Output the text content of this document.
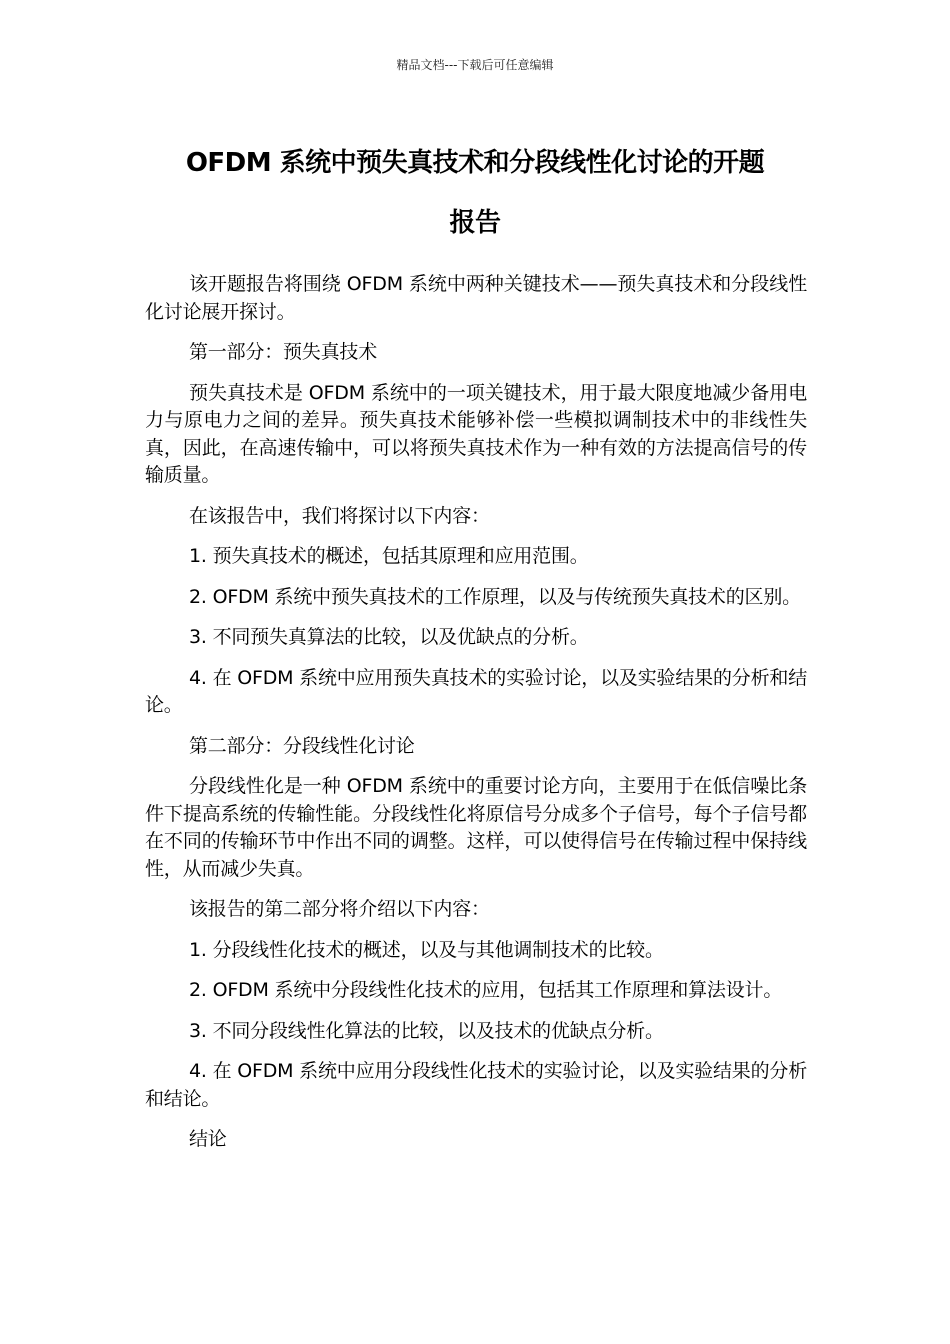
精品文档---下载后可任意编辑
OFDM 系统中预失真技术和分段线性化讨论的开题
报告

该开题报告将围绕 OFDM 系统中两种关键技术——预失真技术和分段线性化讨论展开探讨。

第一部分：预失真技术

预失真技术是 OFDM 系统中的一项关键技术，用于最大限度地减少备用电力与原电力之间的差异。预失真技术能够补偿一些模拟调制技术中的非线性失真，因此，在高速传输中，可以将预失真技术作为一种有效的方法提高信号的传输质量。

在该报告中，我们将探讨以下内容：

1. 预失真技术的概述，包括其原理和应用范围。

2. OFDM 系统中预失真技术的工作原理，以及与传统预失真技术的区别。

3. 不同预失真算法的比较，以及优缺点的分析。

4. 在 OFDM 系统中应用预失真技术的实验讨论，以及实验结果的分析和结论。

第二部分：分段线性化讨论

分段线性化是一种 OFDM 系统中的重要讨论方向，主要用于在低信噪比条件下提高系统的传输性能。分段线性化将原信号分成多个子信号，每个子信号都在不同的传输环节中作出不同的调整。这样，可以使得信号在传输过程中保持线性，从而减少失真。

该报告的第二部分将介绍以下内容：

1. 分段线性化技术的概述，以及与其他调制技术的比较。

2. OFDM 系统中分段线性化技术的应用，包括其工作原理和算法设计。

3. 不同分段线性化算法的比较，以及技术的优缺点分析。

4. 在 OFDM 系统中应用分段线性化技术的实验讨论，以及实验结果的分析和结论。

结论
